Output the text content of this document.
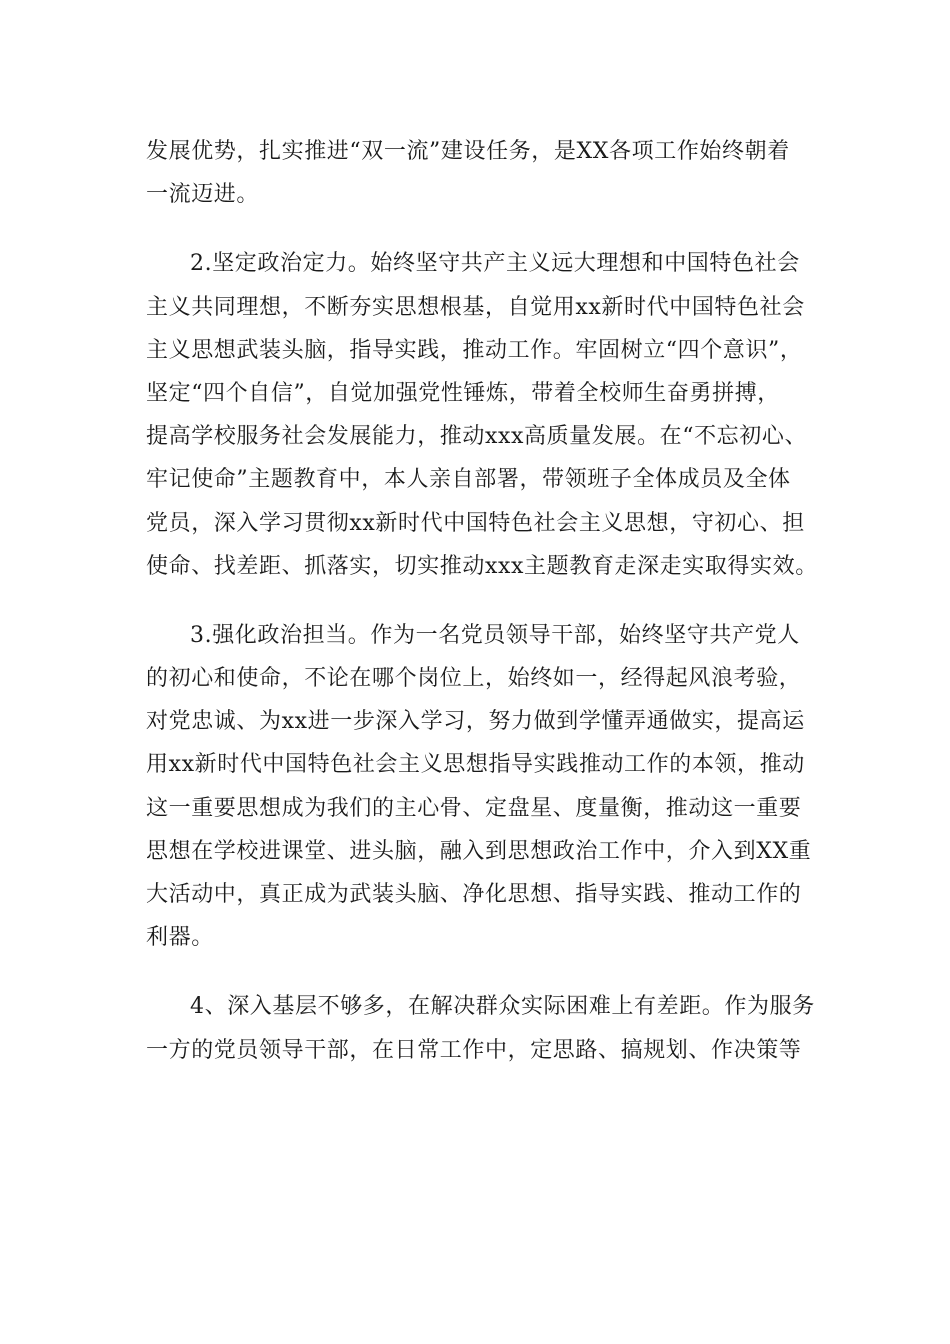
发展优势，扎实推进“双一流”建设任务，是XX各项工作始终朝着
一流迈进。

2.坚定政治定力。始终坚守共产主义远大理想和中国特色社会
主义共同理想，不断夯实思想根基，自觉用xx新时代中国特色社会
主义思想武装头脑，指导实践，推动工作。牢固树立“四个意识”，
坚定“四个自信”，自觉加强党性锤炼，带着全校师生奋勇拼搏，
提高学校服务社会发展能力，推动xxx高质量发展。在“不忘初心、
牢记使命”主题教育中，本人亲自部署，带领班子全体成员及全体
党员，深入学习贯彻xx新时代中国特色社会主义思想，守初心、担
使命、找差距、抓落实，切实推动xxx主题教育走深走实取得实效。

3.强化政治担当。作为一名党员领导干部，始终坚守共产党人
的初心和使命，不论在哪个岗位上，始终如一，经得起风浪考验，
对党忠诚、为xx进一步深入学习，努力做到学懂弄通做实，提高运
用xx新时代中国特色社会主义思想指导实践推动工作的本领，推动
这一重要思想成为我们的主心骨、定盘星、度量衡，推动这一重要
思想在学校进课堂、进头脑，融入到思想政治工作中，介入到XX重
大活动中，真正成为武装头脑、净化思想、指导实践、推动工作的
利器。

4、深入基层不够多，在解决群众实际困难上有差距。作为服务
一方的党员领导干部，在日常工作中，定思路、搞规划、作决策等
